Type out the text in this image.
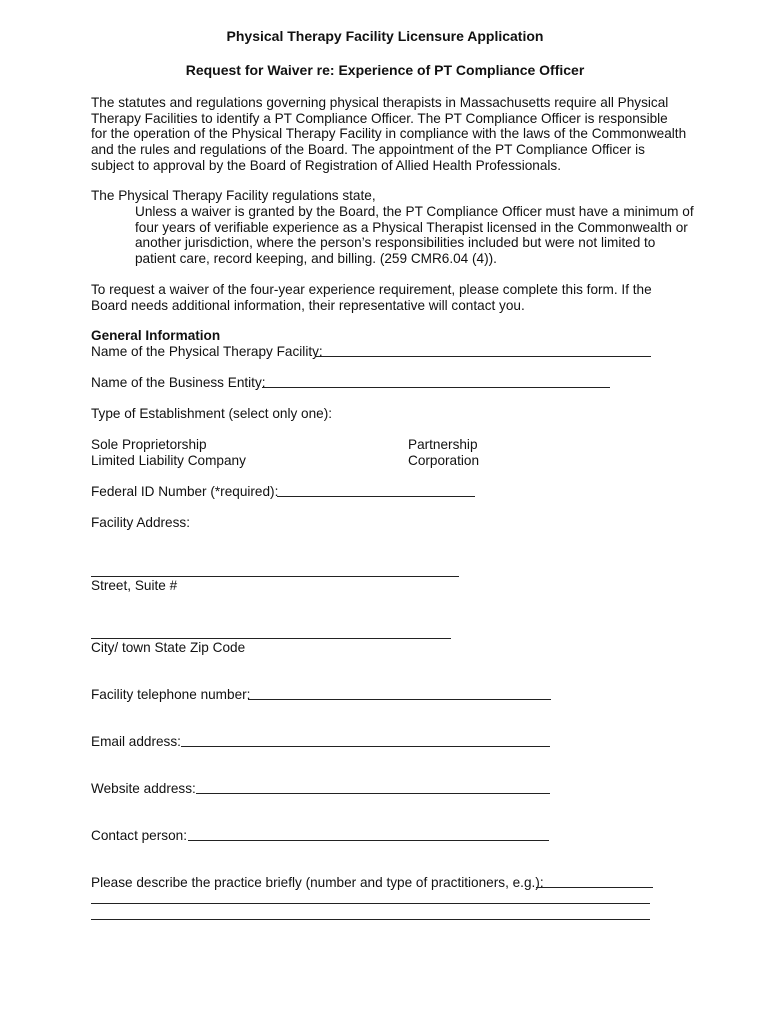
Physical Therapy Facility Licensure Application
Request for Waiver re: Experience of PT Compliance Officer
The statutes and regulations governing physical therapists in Massachusetts require all Physical
Therapy Facilities to identify a PT Compliance Officer. The PT Compliance Officer is responsible
for the operation of the Physical Therapy Facility in compliance with the laws of the Commonwealth
and the rules and regulations of the Board. The appointment of the PT Compliance Officer is
subject to approval by the Board of Registration of Allied Health Professionals.
The Physical Therapy Facility regulations state,
Unless a waiver is granted by the Board, the PT Compliance Officer must have a minimum of
four years of verifiable experience as a Physical Therapist licensed in the Commonwealth or
another jurisdiction, where the person’s responsibilities included but were not limited to
patient care, record keeping, and billing. (259 CMR6.04 (4)).
To request a waiver of the four-year experience requirement, please complete this form. If the
Board needs additional information, their representative will contact you.
General Information
Name of the Physical Therapy Facility:
Name of the Business Entity:
Type of Establishment (select only one):
Sole Proprietorship
Limited Liability Company
Partnership
Corporation
Federal ID Number (*required):
Facility Address:
Street, Suite #
City/ town State Zip Code
Facility telephone number:
Email address:
Website address:
Contact person:
Please describe the practice briefly (number and type of practitioners, e.g.):
